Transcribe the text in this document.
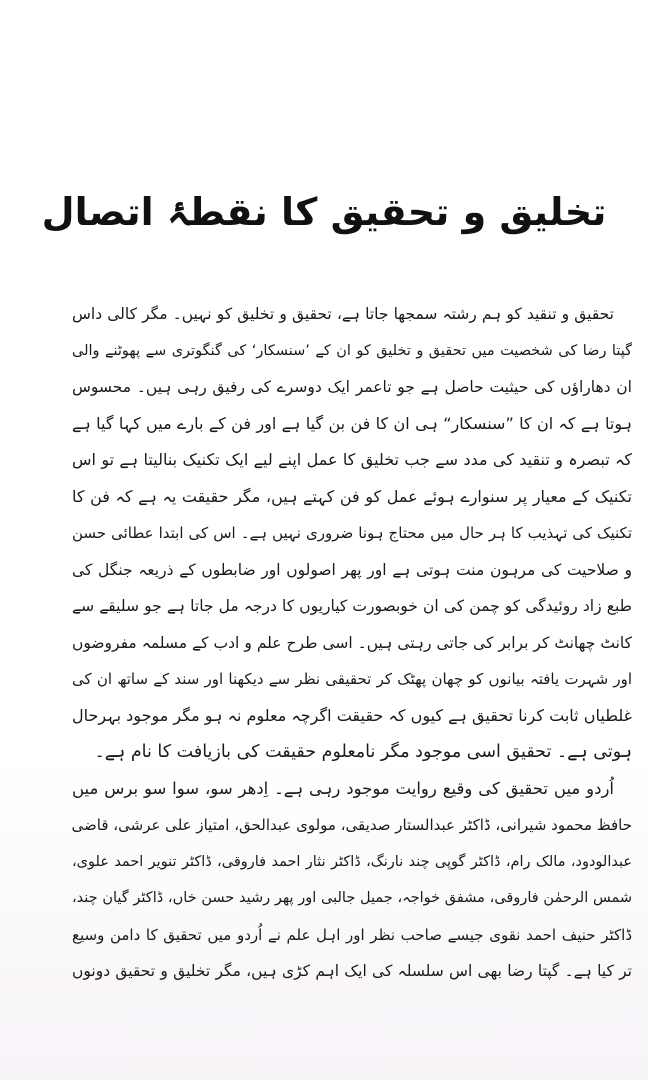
تخلیق و تحقیق کا نقطۂ اتصال
تحقیق و تنقید کو ہم رشتہ سمجھا جاتا ہے، تحقیق و تخلیق کو نہیں۔ مگر کالی داس
گپتا رضا کی شخصیت میں تحقیق و تخلیق کو ان کے ’سنسکار‘ کی گنگوتری سے پھوٹنے والی
ان دھاراؤں کی حیثیت حاصل ہے جو تاعمر ایک دوسرے کی رفیق رہی ہیں۔ محسوس
ہوتا ہے کہ ان کا ”سنسکار“ ہی ان کا فن بن گیا ہے اور فن کے بارے میں کہا گیا ہے
کہ تبصرہ و تنقید کی مدد سے جب تخلیق کا عمل اپنے لیے ایک تکنیک بنالیتا ہے تو اس
تکنیک کے معیار پر سنوارے ہوئے عمل کو فن کہتے ہیں، مگر حقیقت یہ ہے کہ فن کا
تکنیک کی تہذیب کا ہر حال میں محتاج ہونا ضروری نہیں ہے۔ اس کی ابتدا عطائی حسن
و صلاحیت کی مرہون منت ہوتی ہے اور پھر اصولوں اور ضابطوں کے ذریعہ جنگل کی
طبع زاد روئیدگی کو چمن کی ان خوبصورت کیاریوں کا درجہ مل جاتا ہے جو سلیقے سے
کانٹ چھانٹ کر برابر کی جاتی رہتی ہیں۔ اسی طرح علم و ادب کے مسلمہ مفروضوں
اور شہرت یافتہ بیانوں کو چھان پھٹک کر تحقیقی نظر سے دیکھنا اور سند کے ساتھ ان کی
غلطیاں ثابت کرنا تحقیق ہے کیوں کہ حقیقت اگرچہ معلوم نہ ہو مگر موجود بہرحال
ہوتی ہے۔ تحقیق اسی موجود مگر نامعلوم حقیقت کی بازیافت کا نام ہے۔
اُردو میں تحقیق کی وقیع روایت موجود رہی ہے۔ اِدھر سو، سوا سو برس میں
حافظ محمود شیرانی، ڈاکٹر عبدالستار صدیقی، مولوی عبدالحق، امتیاز علی عرشی، قاضی
عبدالودود، مالک رام، ڈاکٹر گوپی چند نارنگ، ڈاکٹر نثار احمد فاروقی، ڈاکٹر تنویر احمد علوی،
شمس الرحمٰن فاروقی، مشفق خواجہ، جمیل جالبی اور پھر رشید حسن خاں، ڈاکٹر گیان چند،
ڈاکٹر حنیف احمد نقوی جیسے صاحب نظر اور اہل علم نے اُردو میں تحقیق کا دامن وسیع
تر کیا ہے۔ گپتا رضا بھی اس سلسلہ کی ایک اہم کڑی ہیں، مگر تخلیق و تحقیق دونوں
